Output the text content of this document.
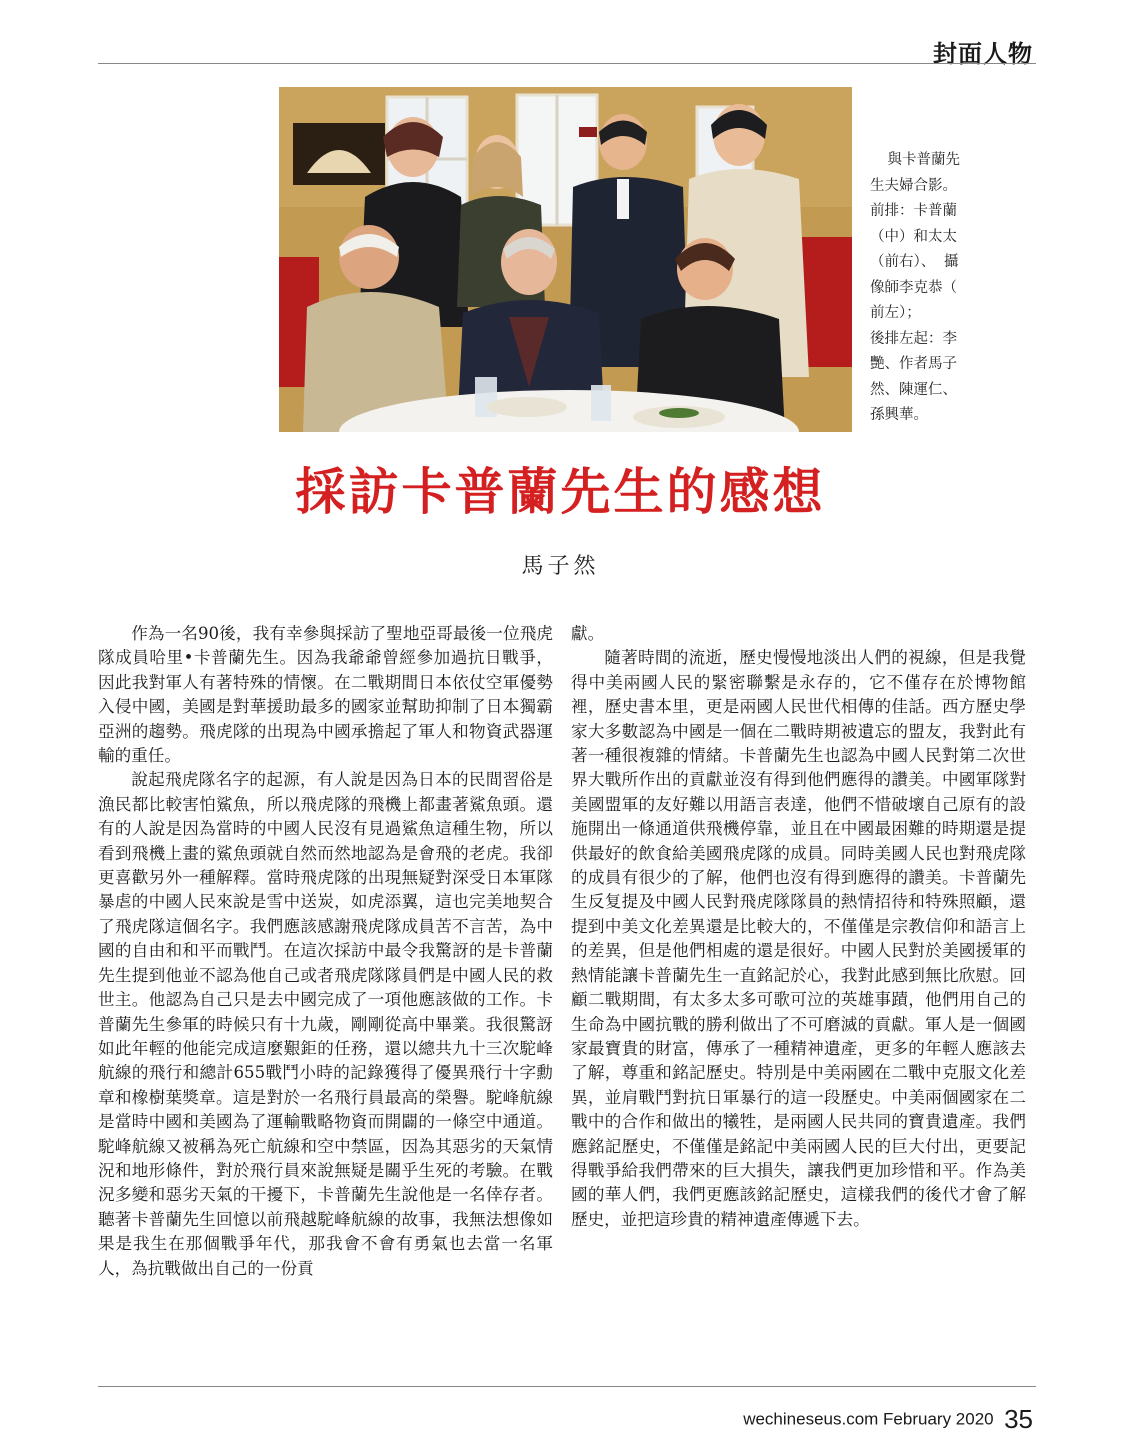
封面人物
與卡普蘭先
生夫婦合影。
前排：卡普蘭
（中）和太太
（前右）、 攝
像師李克恭（
前左）；
後排左起：李
艷、作者馬子
然、陳運仁、
孫興華。
採訪卡普蘭先生的感想
馬子然

作為一名90後，我有幸參與採訪了聖地亞哥最後一位飛虎隊成員哈里•卡普蘭先生。因為我爺爺曾經參加過抗日戰爭，因此我對軍人有著特殊的情懷。在二戰期間日本依仗空軍優勢入侵中國，美國是對華援助最多的國家並幫助抑制了日本獨霸亞洲的趨勢。飛虎隊的出現為中國承擔起了軍人和物資武器運輸的重任。

說起飛虎隊名字的起源，有人說是因為日本的民間習俗是漁民都比較害怕鯊魚，所以飛虎隊的飛機上都畫著鯊魚頭。還有的人說是因為當時的中國人民沒有見過鯊魚這種生物，所以看到飛機上畫的鯊魚頭就自然而然地認為是會飛的老虎。我卻更喜歡另外一種解釋。當時飛虎隊的出現無疑對深受日本軍隊暴虐的中國人民來說是雪中送炭，如虎添翼，這也完美地契合了飛虎隊這個名字。我們應該感謝飛虎隊成員苦不言苦，為中國的自由和和平而戰鬥。在這次採訪中最令我驚訝的是卡普蘭先生提到他並不認為他自己或者飛虎隊隊員們是中國人民的救世主。他認為自己只是去中國完成了一項他應該做的工作。卡普蘭先生參軍的時候只有十九歲，剛剛從高中畢業。我很驚訝如此年輕的他能完成這麼艱鉅的任務，還以總共九十三次駝峰航線的飛行和總計655戰鬥小時的記錄獲得了優異飛行十字勳章和橡樹葉獎章。這是對於一名飛行員最高的榮譽。駝峰航線是當時中國和美國為了運輸戰略物資而開闢的一條空中通道。駝峰航線又被稱為死亡航線和空中禁區，因為其惡劣的天氣情況和地形條件，對於飛行員來說無疑是關乎生死的考驗。在戰況多變和惡劣天氣的干擾下，卡普蘭先生說他是一名倖存者。聽著卡普蘭先生回憶以前飛越駝峰航線的故事，我無法想像如果是我生在那個戰爭年代，那我會不會有勇氣也去當一名軍人，為抗戰做出自己的一份貢

獻。

隨著時間的流逝，歷史慢慢地淡出人們的視線，但是我覺得中美兩國人民的緊密聯繫是永存的，它不僅存在於博物館裡，歷史書本里，更是兩國人民世代相傳的佳話。西方歷史學家大多數認為中國是一個在二戰時期被遺忘的盟友，我對此有著一種很複雜的情緒。卡普蘭先生也認為中國人民對第二次世界大戰所作出的貢獻並沒有得到他們應得的讚美。中國軍隊對美國盟軍的友好難以用語言表達，他們不惜破壞自己原有的設施開出一條通道供飛機停靠，並且在中國最困難的時期還是提供最好的飲食給美國飛虎隊的成員。同時美國人民也對飛虎隊的成員有很少的了解，他們也沒有得到應得的讚美。卡普蘭先生反复提及中國人民對飛虎隊隊員的熱情招待和特殊照顧，還提到中美文化差異還是比較大的，不僅僅是宗教信仰和語言上的差異，但是他們相處的還是很好。中國人民對於美國援軍的熱情能讓卡普蘭先生一直銘記於心，我對此感到無比欣慰。回顧二戰期間，有太多太多可歌可泣的英雄事蹟，他們用自己的生命為中國抗戰的勝利做出了不可磨滅的貢獻。軍人是一個國家最寶貴的財富，傳承了一種精神遺產，更多的年輕人應該去了解，尊重和銘記歷史。特別是中美兩國在二戰中克服文化差異，並肩戰鬥對抗日軍暴行的這一段歷史。中美兩個國家在二戰中的合作和做出的犧牲，是兩國人民共同的寶貴遺產。我們應銘記歷史，不僅僅是銘記中美兩國人民的巨大付出，更要記得戰爭給我們帶來的巨大損失，讓我們更加珍惜和平。作為美國的華人們，我們更應該銘記歷史，這樣我們的後代才會了解歷史，並把這珍貴的精神遺產傳遞下去。

wechineseus.com February 2020 35
